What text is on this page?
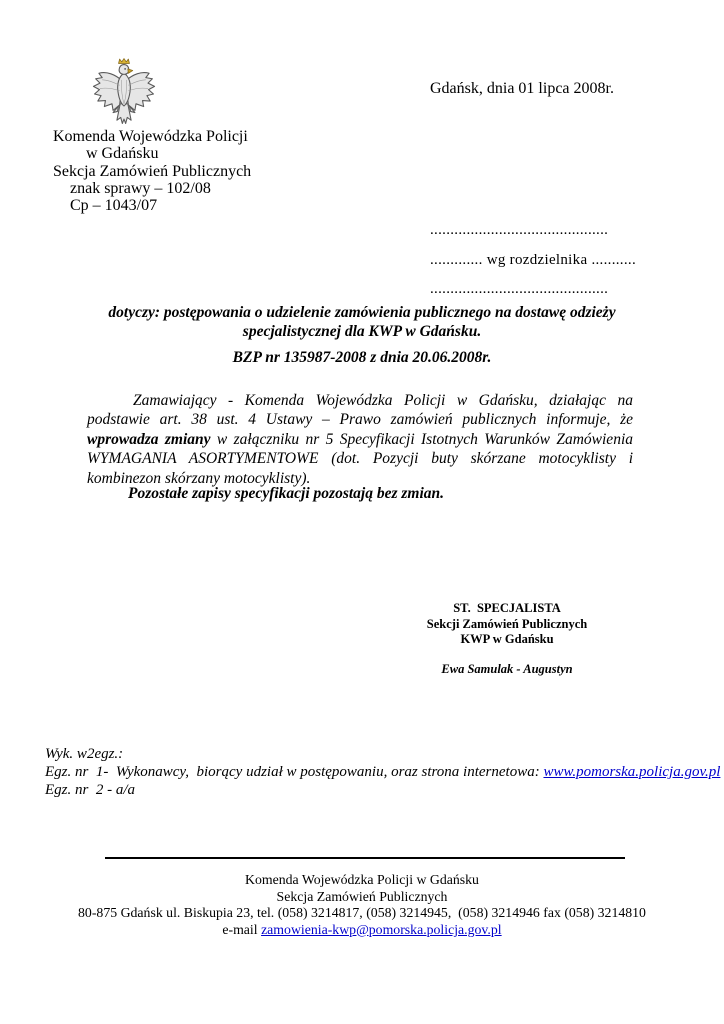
Gdańsk, dnia 01 lipca 2008r.
Komenda Wojewódzka Policji
w Gdańsku
Sekcja Zamówień Publicznych
znak sprawy – 102/08
Cp – 1043/07
............................................
............. wg rozdzielnika ...........
............................................
dotyczy: postępowania o udzielenie zamówienia publicznego na dostawę odzieży specjalistycznej dla KWP w Gdańsku.
BZP nr 135987-2008 z dnia 20.06.2008r.

Zamawiający - Komenda Wojewódzka Policji w Gdańsku, działając na podstawie art. 38 ust. 4 Ustawy – Prawo zamówień publicznych informuje, że wprowadza zmiany w załączniku nr 5 Specyfikacji Istotnych Warunków Zamówienia  WYMAGANIA ASORTYMENTOWE (dot. Pozycji buty skórzane motocyklisty i kombinezon skórzany motocyklisty).

Pozostałe zapisy specyfikacji pozostają bez zmian.
ST.  SPECJALISTA
Sekcji Zamówień Publicznych
KWP w Gdańsku
Ewa Samulak - Augustyn
Wyk. w2egz.:
Egz. nr  1-  Wykonawcy,  biorący udział w postępowaniu, oraz strona internetowa: www.pomorska.policja.gov.pl
Egz. nr  2 - a/a
Komenda Wojewódzka Policji w Gdańsku
Sekcja Zamówień Publicznych
80-875 Gdańsk ul. Biskupia 23, tel. (058) 3214817, (058) 3214945,  (058) 3214946 fax (058) 3214810
e-mail zamowienia-kwp@pomorska.policja.gov.pl
